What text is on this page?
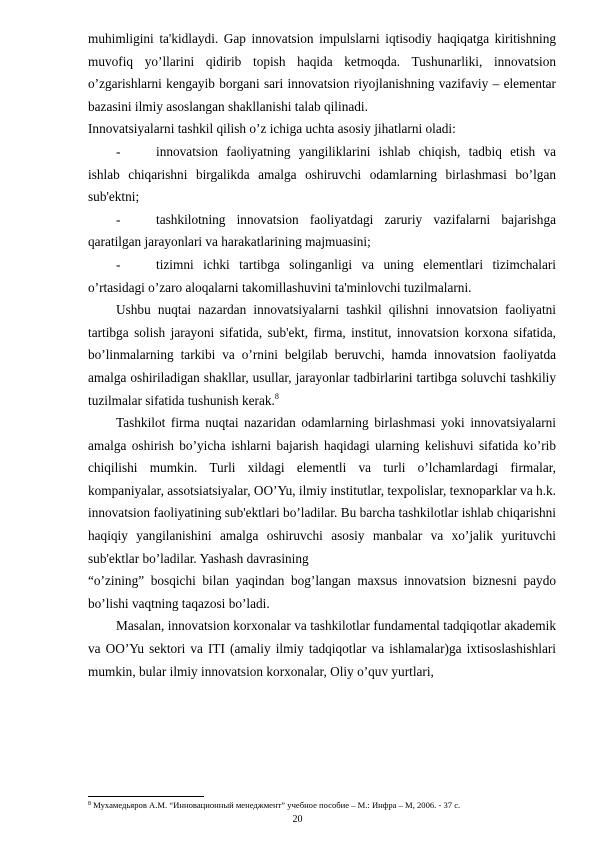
muhimligini ta'kidlaydi. Gap innovatsion impulslarni iqtisodiy haqiqatga kiritishning muvofiq yo’llarini qidirib topish haqida ketmoqda. Tushunarliki, innovatsion o’zgarishlarni kengayib borgani sari innovatsion riyojlanishning vazifaviy – elementar bazasini ilmiy asoslangan shakllanishi talab qilinadi.

Innovatsiyalarni tashkil qilish o’z ichiga uchta asosiy jihatlarni oladi:

-	innovatsion faoliyatning yangiliklarini ishlab chiqish, tadbiq etish va ishlab chiqarishni birgalikda amalga oshiruvchi odamlarning birlashmasi bo’lgan sub'ektni;

-	tashkilotning innovatsion faoliyatdagi zaruriy vazifalarni bajarishga qaratilgan jarayonlari va harakatlarining majmuasini;

-	tizimni ichki tartibga solinganligi va uning elementlari tizimchalari o’rtasidagi o’zaro aloqalarni takomillashuvini ta'minlovchi tuzilmalarni.

Ushbu nuqtai nazardan innovatsiyalarni tashkil qilishni innovatsion faoliyatni tartibga solish jarayoni sifatida, sub'ekt, firma, institut, innovatsion korxona sifatida, bo’linmalarning tarkibi va o’rnini belgilab beruvchi, hamda innovatsion faoliyatda amalga oshiriladigan shakllar, usullar, jarayonlar tadbirlarini tartibga soluvchi tashkiliy tuzilmalar sifatida tushunish kerak.$^8$

Tashkilot firma nuqtai nazaridan odamlarning birlashmasi yoki innovatsiyalarni amalga oshirish bo’yicha ishlarni bajarish haqidagi ularning kelishuvi sifatida ko’rib chiqilishi mumkin. Turli xildagi elementli va turli o’lchamlardagi firmalar, kompaniyalar, assotsiatsiyalar, OO’Yu, ilmiy institutlar, texpolislar, texnoparklar va h.k. innovatsion faoliyatining sub'ektlari bo’ladilar. Bu barcha tashkilotlar ishlab chiqarishni haqiqiy yangilanishini amalga oshiruvchi asosiy manbalar va xo’jalik yurituvchi sub'ektlar bo’ladilar. Yashash davrasining

“o’zining” bosqichi bilan yaqindan bog’langan maxsus innovatsion biznesni paydo bo’lishi vaqtning taqazosi bo’ladi.

Masalan, innovatsion korxonalar va tashkilotlar fundamental tadqiqotlar akademik va OO’Yu sektori va ITI (amaliy ilmiy tadqiqotlar va ishlamalar)ga ixtisoslashishlari mumkin, bular ilmiy innovatsion korxonalar, Oliy o’quv yurtlari,

$^8$ Мухамедьяров А.М. “Инновационный менеджмент” учебное пособие – М.: Инфра – М, 2006. - 37 с.
20
